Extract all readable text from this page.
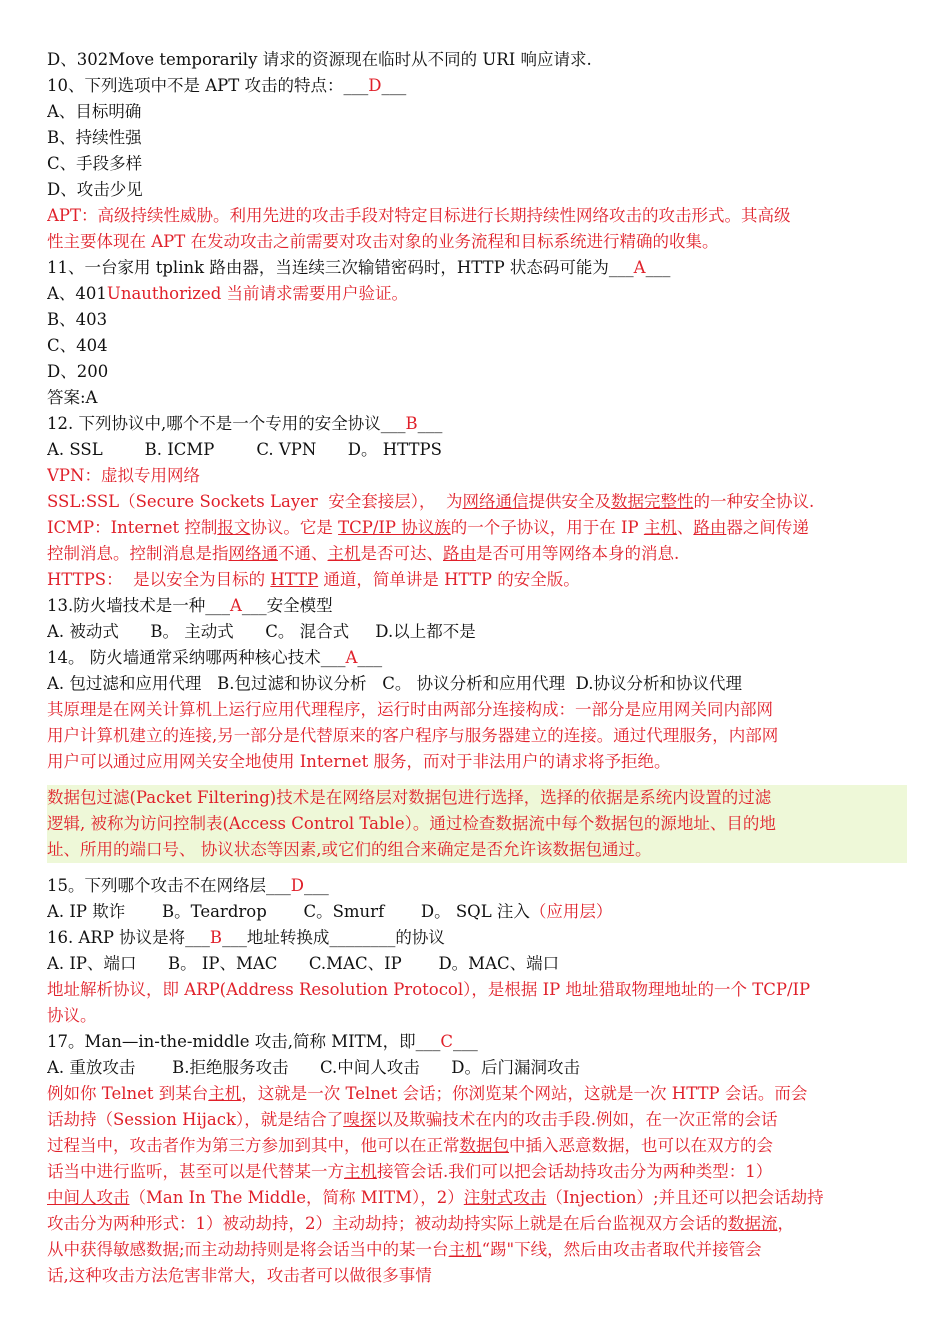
D、302Move temporarily 请求的资源现在临时从不同的 URI 响应请求.
10、下列选项中不是 APT 攻击的特点：___D___
A、目标明确
B、持续性强
C、手段多样
D、攻击少见
APT：高级持续性威胁。利用先进的攻击手段对特定目标进行长期持续性网络攻击的攻击形式。其高级
性主要体现在 APT 在发动攻击之前需要对攻击对象的业务流程和目标系统进行精确的收集。
11、一台家用 tplink 路由器，当连续三次输错密码时，HTTP 状态码可能为___A___
A、401Unauthorized 当前请求需要用户验证。
B、403
C、404
D、200
答案:A
12. 下列协议中,哪个不是一个专用的安全协议___B___
A. SSL        B. ICMP        C. VPN      D。 HTTPS
VPN：虚拟专用网络
SSL:SSL（Secure Sockets Layer  安全套接层），  为网络通信提供安全及数据完整性的一种安全协议.
ICMP：Internet 控制报文协议。它是 TCP/IP 协议族的一个子协议，用于在 IP 主机、路由器之间传递
控制消息。控制消息是指网络通不通、主机是否可达、路由是否可用等网络本身的消息.
HTTPS：  是以安全为目标的 HTTP 通道，简单讲是 HTTP 的安全版。
13.防火墙技术是一种___A___安全模型
A. 被动式      B。 主动式      C。 混合式     D.以上都不是
14。 防火墙通常采纳哪两种核心技术___A___
A. 包过滤和应用代理   B.包过滤和协议分析   C。 协议分析和应用代理  D.协议分析和协议代理
其原理是在网关计算机上运行应用代理程序，运行时由两部分连接构成：一部分是应用网关同内部网
用户计算机建立的连接,另一部分是代替原来的客户程序与服务器建立的连接。通过代理服务，内部网
用户可以通过应用网关安全地使用 Internet 服务，而对于非法用户的请求将予拒绝。
数据包过滤(Packet Filtering)技术是在网络层对数据包进行选择，选择的依据是系统内设置的过滤
逻辑, 被称为访问控制表(Access Control Table）。通过检查数据流中每个数据包的源地址、目的地
址、所用的端口号、 协议状态等因素,或它们的组合来确定是否允许该数据包通过。
15。下列哪个攻击不在网络层___D___
A. IP 欺诈       B。Teardrop       C。Smurf       D。 SQL 注入（应用层）
16. ARP 协议是将___B___地址转换成________的协议
A. IP、端口      B。 IP、MAC      C.MAC、IP       D。MAC、端口
地址解析协议，即 ARP(Address Resolution Protocol），是根据 IP 地址猎取物理地址的一个 TCP/IP
协议。
17。Man—in-the-middle 攻击,简称 MITM，即___C___
A. 重放攻击       B.拒绝服务攻击      C.中间人攻击      D。后门漏洞攻击
例如你 Telnet 到某台主机，这就是一次 Telnet 会话；你浏览某个网站，这就是一次 HTTP 会话。而会
话劫持（Session Hijack），就是结合了嗅探以及欺骗技术在内的攻击手段.例如，在一次正常的会话
过程当中，攻击者作为第三方参加到其中，他可以在正常数据包中插入恶意数据，也可以在双方的会
话当中进行监听，甚至可以是代替某一方主机接管会话.我们可以把会话劫持攻击分为两种类型：1）
中间人攻击（Man In The Middle，简称 MITM），2）注射式攻击（Injection）;并且还可以把会话劫持
攻击分为两种形式：1）被动劫持，2）主动劫持；被动劫持实际上就是在后台监视双方会话的数据流，
从中获得敏感数据;而主动劫持则是将会话当中的某一台主机“踢"下线，然后由攻击者取代并接管会
话,这种攻击方法危害非常大，攻击者可以做很多事情
